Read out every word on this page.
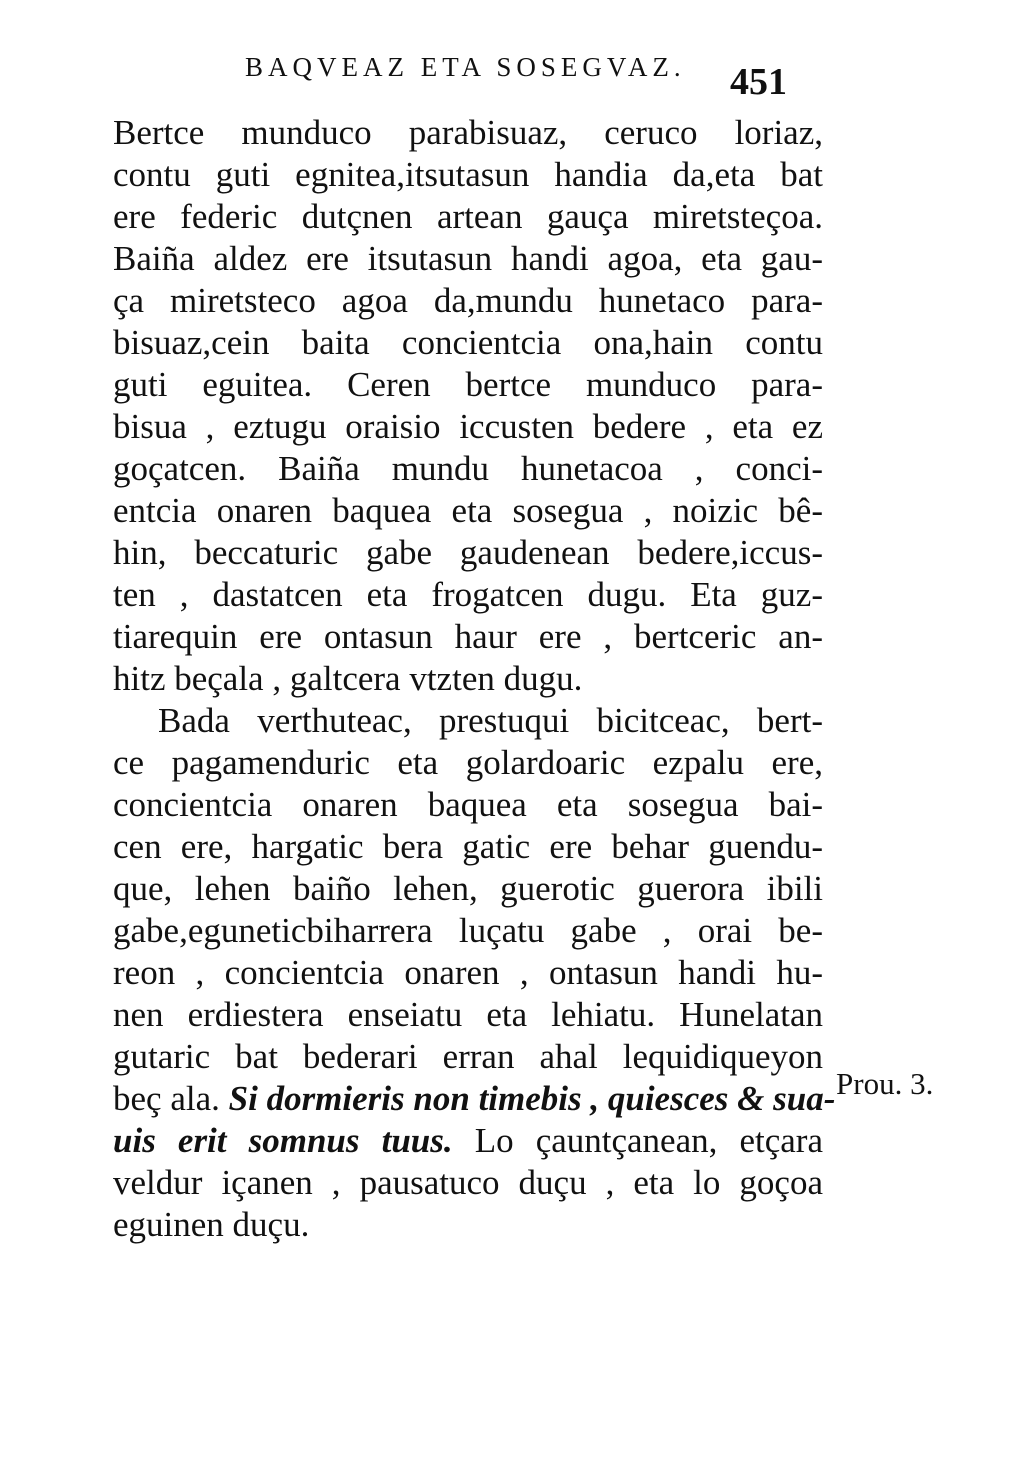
BAQVEAZ ETA SOSEGVAZ.	451
Bertce munduco parabisuaz, ceruco loriaz,
contu guti egnitea,itsutasun handia da,eta bat
ere federic dutçnen artean gauça miretsteçoa.
Baiña aldez ere itsutasun handi agoa, eta gau-
ça miretsteco agoa da,mundu hunetaco para-
bisuaz,cein baita concientcia ona,hain contu
guti eguitea. Ceren bertce munduco para-
bisua , eztugu oraisio iccusten bedere , eta ez
goçatcen. Baiña mundu hunetacoa , conci-
entcia onaren baquea eta sosegua , noizic bê-
hin, beccaturic gabe gaudenean bedere,iccus-
ten , dastatcen eta frogatcen dugu. Eta guz-
tiarequin ere ontasun haur ere , bertceric an-
hitz beçala , galtcera vtzten dugu.
Bada verthuteac, prestuqui bicitceac, bert-
ce pagamenduric eta golardoaric ezpalu ere,
concientcia onaren baquea eta sosegua bai-
cen ere, hargatic bera gatic ere behar guendu-
que, lehen baiño lehen, guerotic guerora ibili
gabe,eguneticbiharrera luçatu gabe , orai be-
reon , concientcia onaren , ontasun handi hu-
nen erdiestera enseiatu eta lehiatu. Hunelatan
gutaric bat bederari erran ahal lequidiqueyon
beç ala. Si dormieris non timebis , quiesces & sua-
uis erit somnus tuus. Lo çauntçanean, etçara
veldur içanen , pausatuco duçu , eta lo goçoa
eguinen duçu.
Prou. 3.
